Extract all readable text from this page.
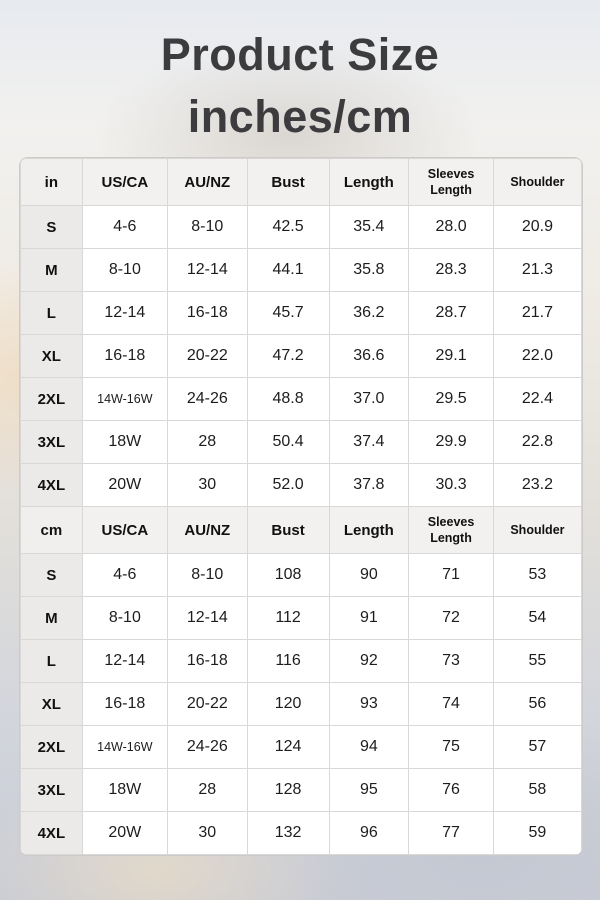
Product Size
inches/cm
in	US/CA	AU/NZ	Bust	Length	Sleeves Length	Shoulder
S	4-6	8-10	42.5	35.4	28.0	20.9
M	8-10	12-14	44.1	35.8	28.3	21.3
L	12-14	16-18	45.7	36.2	28.7	21.7
XL	16-18	20-22	47.2	36.6	29.1	22.0
2XL	14W-16W	24-26	48.8	37.0	29.5	22.4
3XL	18W	28	50.4	37.4	29.9	22.8
4XL	20W	30	52.0	37.8	30.3	23.2
cm	US/CA	AU/NZ	Bust	Length	Sleeves Length	Shoulder
S	4-6	8-10	108	90	71	53
M	8-10	12-14	112	91	72	54
L	12-14	16-18	116	92	73	55
XL	16-18	20-22	120	93	74	56
2XL	14W-16W	24-26	124	94	75	57
3XL	18W	28	128	95	76	58
4XL	20W	30	132	96	77	59
